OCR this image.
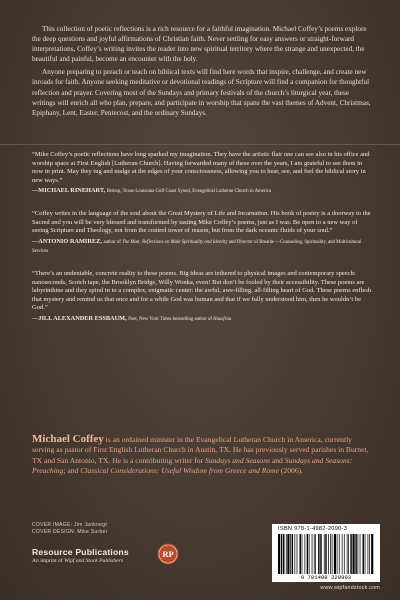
This collection of poetic reflections is a rich resource for a faithful imagination. Michael Coffey’s poems explore the deep questions and joyful affirmations of Christian faith. Never settling for easy answers or straight-forward interpretations, Coffey’s writing invites the reader into new spiritual territory where the strange and unexpected, the beautiful and painful, become an encounter with the holy.

Anyone preparing to preach or teach on biblical texts will find here words that inspire, challenge, and create new inroads for faith. Anyone seeking meditative or devotional readings of Scripture will find a companion for thoughtful reflection and prayer. Covering most of the Sundays and primary festivals of the church’s liturgical year, these writings will enrich all who plan, prepare, and participate in worship that spans the vast themes of Advent, Christmas, Epiphany, Lent, Easter, Pentecost, and the ordinary Sundays.

“Mike Coffey’s poetic reflections have long sparked my imagination. They have the artistic flair one can see also in his office and worship space at First English [Lutheran Church]. Having forwarded many of these over the years, I am grateful to see them in now in print. May they tug and nudge at the edges of your consciousness, allowing you to hear, see, and feel the biblical story in new ways.”

—MICHAEL RINEHART, Bishop, Texas-Louisiana Gulf Coast Synod, Evangelical Lutheran Church in America

“Coffey writes in the language of the soul about the Great Mystery of Life and Incarnation. His book of poetry is a doorway to the Sacred and you will be very blessed and transformed by tasting Mike Coffey’s poems, just as I was. Be open to a new way of seeing Scripture and Theology, not from the control tower of reason, but from the dark oceanic fluids of your soul.”

—ANTONIO RAMIREZ, author of The Man: Reflections on Male Spirituality and Identity and Director of Breathe —Counseling, Spirituality, and Multicultural Services

“There’s an undeniable, concrete reality to these poems. Big ideas are tethered to physical images and contemporary speech: nanoseconds, Scotch tape, the Brooklyn Bridge, Willy Wonka, even! But don’t be fooled by their accessibility. These poems are labyrinthine and they spiral in to a complex, enigmatic center: the awful, awe-filling, all-filling heart of God. These poems enflesh that mystery and remind us that once and for a while God was human and that if we fully understood him, then he wouldn’t be God.”

—JILL ALEXANDER ESSBAUM, Poet, New York Times bestselling author of Hausfrau
Michael Coffey is an ordained minister in the Evangelical Lutheran Church in America, currently serving as pastor of First English Lutheran Church in Austin, TX. He has previously served parishes in Burnet, TX and San Antonio, TX. He is a contributing writer for Sundays and Seasons and Sundays and Seasons: Preaching; and Classical Considerations: Useful Wisdom from Greece and Rome (2006).
COVER IMAGE: Jim Janknegt
COVER DESIGN: Mike Surber
Resource Publications
An imprint of Wipf and Stock Publishers
RP
ISBN 978-1-4982-2090-3
9 781498 220903
www.wipfandstock.com
